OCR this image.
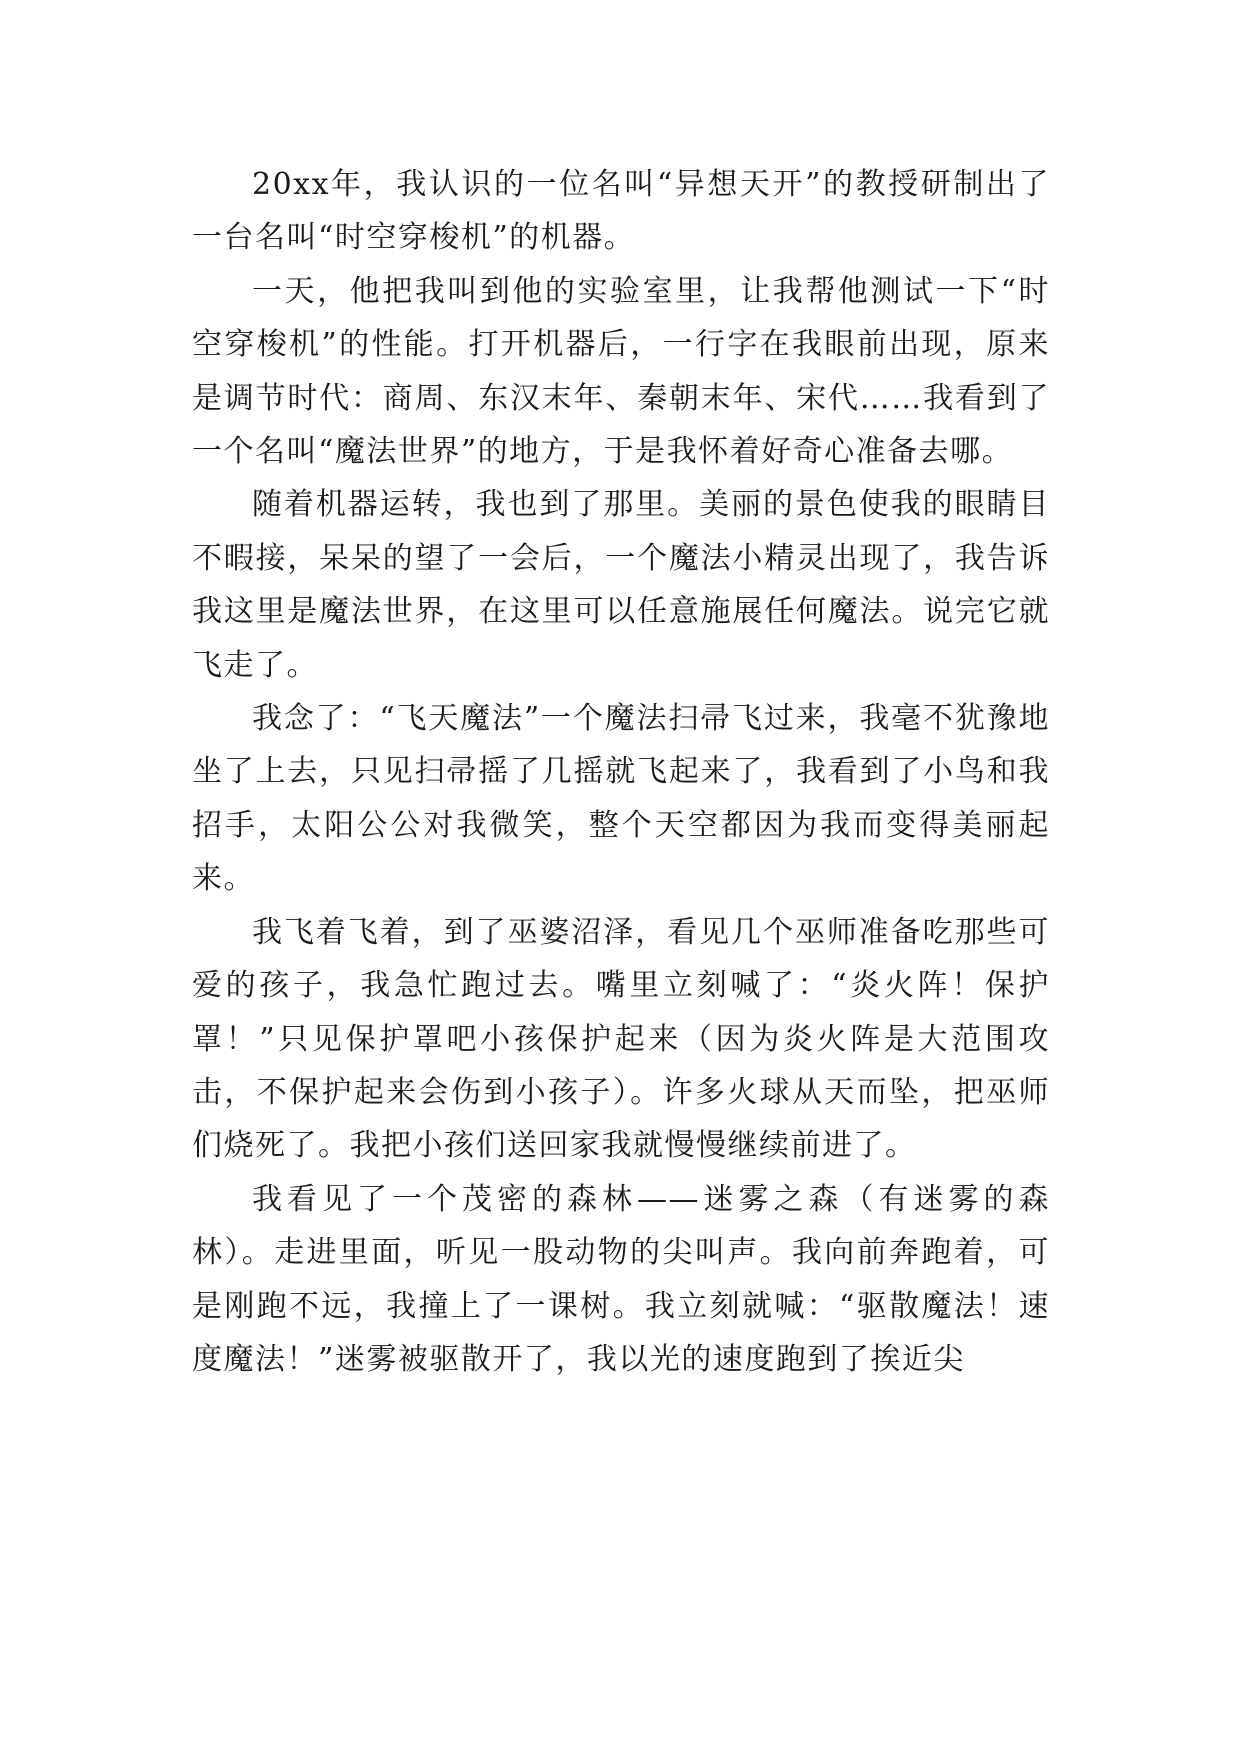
20xx年，我认识的一位名叫“异想天开”的教授研制出了一台名叫“时空穿梭机”的机器。

一天，他把我叫到他的实验室里，让我帮他测试一下“时空穿梭机”的性能。打开机器后，一行字在我眼前出现，原来是调节时代：商周、东汉末年、秦朝末年、宋代……我看到了一个名叫“魔法世界”的地方，于是我怀着好奇心准备去哪。

随着机器运转，我也到了那里。美丽的景色使我的眼睛目不暇接，呆呆的望了一会后，一个魔法小精灵出现了，我告诉我这里是魔法世界，在这里可以任意施展任何魔法。说完它就飞走了。

我念了：“飞天魔法”一个魔法扫帚飞过来，我毫不犹豫地坐了上去，只见扫帚摇了几摇就飞起来了，我看到了小鸟和我招手，太阳公公对我微笑，整个天空都因为我而变得美丽起来。

我飞着飞着，到了巫婆沼泽，看见几个巫师准备吃那些可爱的孩子，我急忙跑过去。嘴里立刻喊了：“炎火阵！保护罩！”只见保护罩吧小孩保护起来（因为炎火阵是大范围攻击，不保护起来会伤到小孩子）。许多火球从天而坠，把巫师们烧死了。我把小孩们送回家我就慢慢继续前进了。

我看见了一个茂密的森林——迷雾之森（有迷雾的森林）。走进里面，听见一股动物的尖叫声。我向前奔跑着，可是刚跑不远，我撞上了一课树。我立刻就喊：“驱散魔法！速度魔法！”迷雾被驱散开了，我以光的速度跑到了挨近尖
